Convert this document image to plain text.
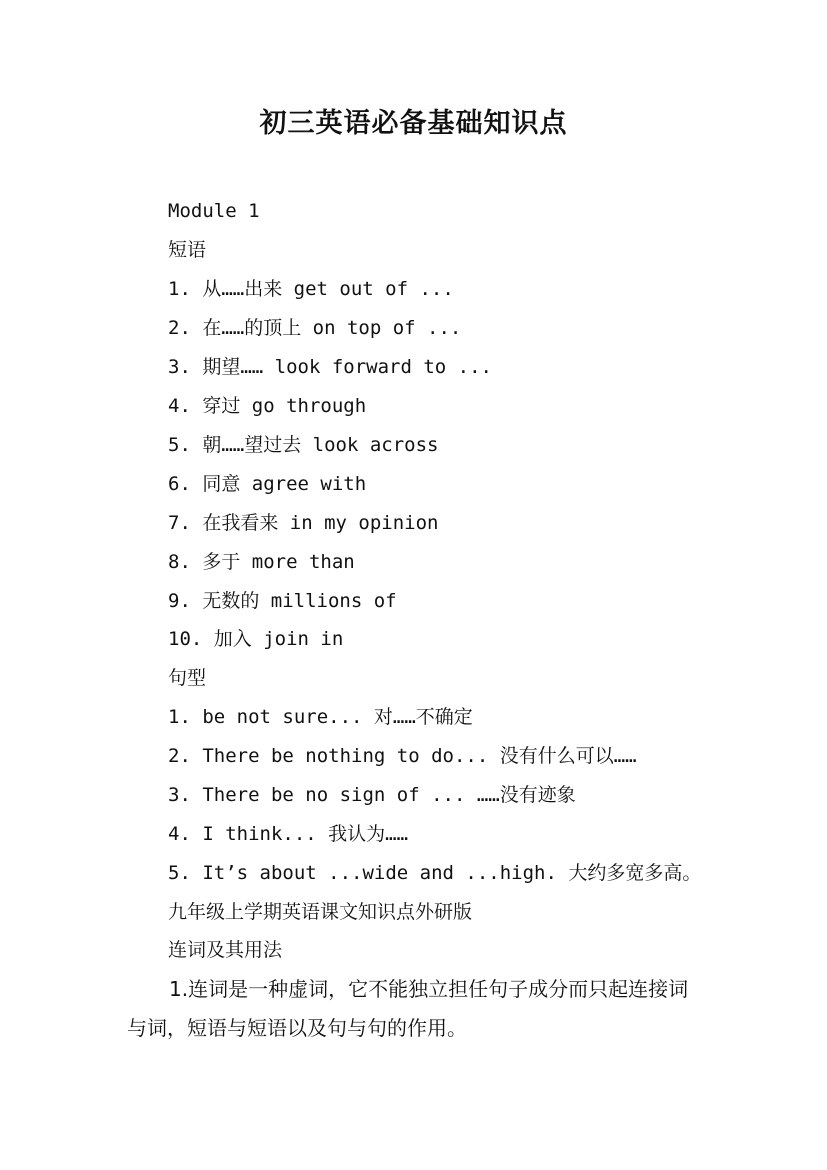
初三英语必备基础知识点
Module 1
短语
1. 从……出来 get out of ...
2. 在……的顶上 on top of ...
3. 期望…… look forward to ...
4. 穿过 go through
5. 朝……望过去 look across
6. 同意 agree with
7. 在我看来 in my opinion
8. 多于 more than
9. 无数的 millions of
10. 加入 join in
句型
1. be not sure... 对……不确定
2. There be nothing to do... 没有什么可以……
3. There be no sign of ... ……没有迹象
4. I think... 我认为……
5. It’s about ...wide and ...high. 大约多宽多高。
九年级上学期英语课文知识点外研版
连词及其用法
1.连词是一种虚词，它不能独立担任句子成分而只起连接词与词，短语与短语以及句与句的作用。
